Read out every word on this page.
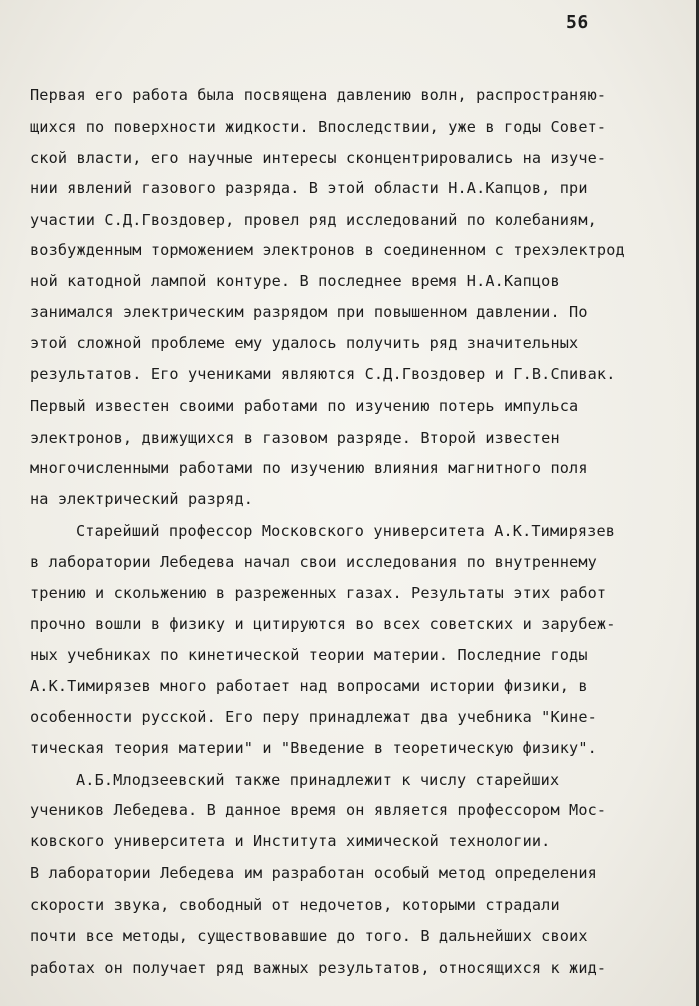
56
Первая его работа была посвящена давлению волн, распространяю-
щихся по поверхности жидкости. Впоследствии, уже в годы Совет-
ской власти, его научные интересы сконцентрировались на изуче-
нии явлений газового разряда. В этой области Н.А.Капцов, при
участии С.Д.Гвоздовер, провел ряд исследований по колебаниям,
возбужденным торможением электронов в соединенном с трехэлектрод
ной катодной лампой контуре. В последнее время Н.А.Капцов
занимался электрическим разрядом при повышенном давлении. По
этой сложной проблеме ему удалось получить ряд значительных
результатов. Его учениками являются С.Д.Гвоздовер и Г.В.Спивак.
Первый известен своими работами по изучению потерь импульса
электронов, движущихся в газовом разряде. Второй известен
многочисленными работами по изучению влияния магнитного поля
на электрический разряд.
Старейший профессор Московского университета А.К.Тимирязев
в лаборатории Лебедева начал свои исследования по внутреннему
трению и скольжению в разреженных газах. Результаты этих работ
прочно вошли в физику и цитируются во всех советских и зарубеж-
ных учебниках по кинетической теории материи. Последние годы
А.К.Тимирязев много работает над вопросами истории физики, в
особенности русской. Его перу принадлежат два учебника "Кине-
тическая теория материи" и "Введение в теоретическую физику".
А.Б.Млодзеевский также принадлежит к числу старейших
учеников Лебедева. В данное время он является профессором Мос-
ковского университета и Института химической технологии.
В лаборатории Лебедева им разработан особый метод определения
скорости звука, свободный от недочетов, которыми страдали
почти все методы, существовавшие до того. В дальнейших своих
работах он получает ряд важных результатов, относящихся к жид-
